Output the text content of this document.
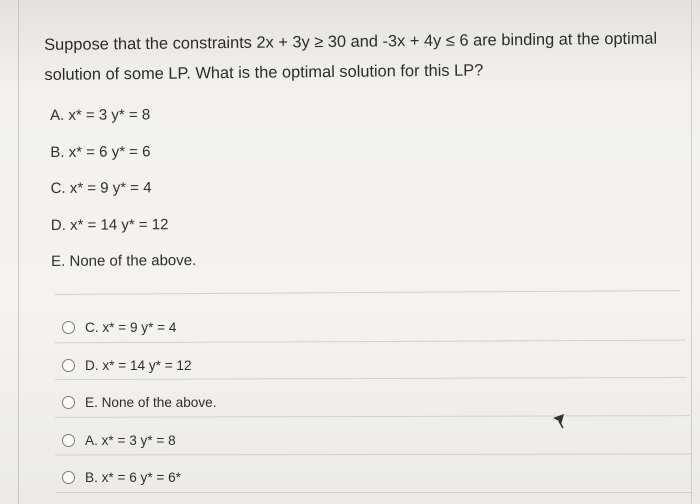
Suppose that the constraints 2x + 3y ≥ 30 and -3x + 4y ≤ 6 are binding at the optimal
solution of some LP. What is the optimal solution for this LP?
A. x* = 3 y* = 8
B. x* = 6 y* = 6
C. x* = 9 y* = 4
D. x* = 14 y* = 12
E. None of the above.
C. x* = 9 y* = 4
D. x* = 14 y* = 12
E. None of the above.
A. x* = 3 y* = 8
B. x* = 6 y* = 6*
